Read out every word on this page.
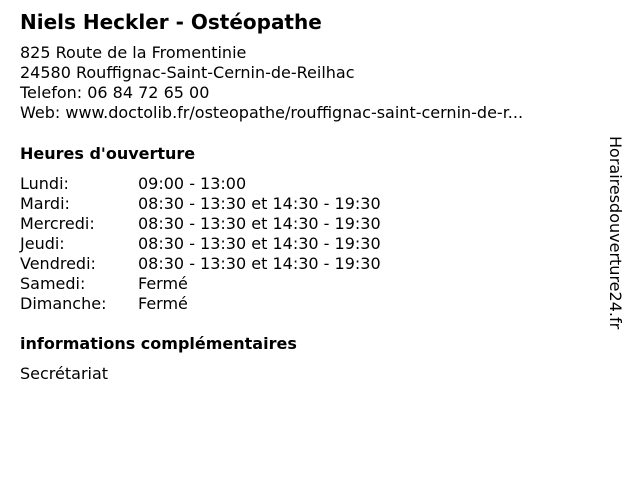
Niels Heckler - Ostéopathe
825 Route de la Fromentinie
24580 Rouffignac-Saint-Cernin-de-Reilhac
Telefon: 06 84 72 65 00
Web: www.doctolib.fr/osteopathe/rouffignac-saint-cernin-de-r...
Heures d'ouverture
Lundi:	09:00 - 13:00
Mardi:	08:30 - 13:30 et 14:30 - 19:30
Mercredi:	08:30 - 13:30 et 14:30 - 19:30
Jeudi:	08:30 - 13:30 et 14:30 - 19:30
Vendredi:	08:30 - 13:30 et 14:30 - 19:30
Samedi:	Fermé
Dimanche: Fermé
informations complémentaires
Secrétariat
Horairesdouverture24.fr
